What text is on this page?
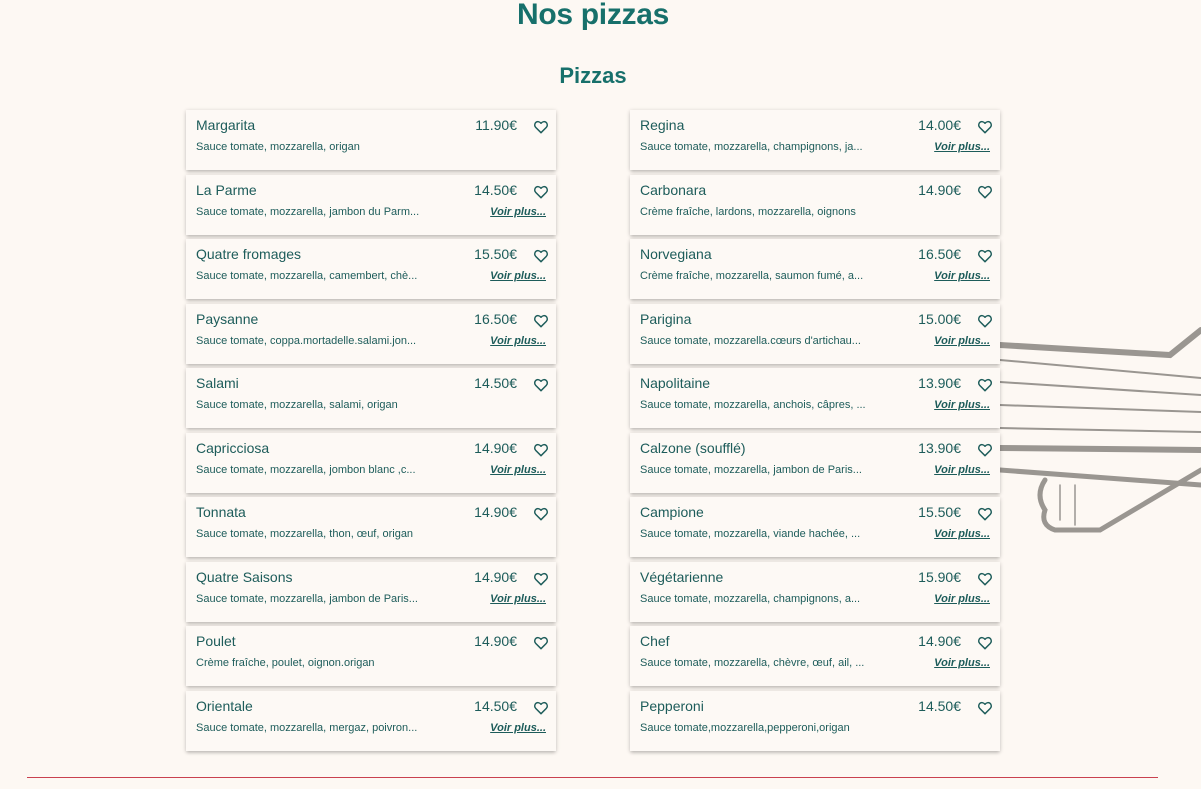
Nos pizzas
Pizzas
Margarita	11.90€
Sauce tomate, mozzarella, origan
La Parme	14.50€
Sauce tomate, mozzarella, jambon du Parm...	Voir plus...
Quatre fromages	15.50€
Sauce tomate, mozzarella, camembert, chè...	Voir plus...
Paysanne	16.50€
Sauce tomate, coppa.mortadelle.salami.jon...	Voir plus...
Salami	14.50€
Sauce tomate, mozzarella, salami, origan
Capricciosa	14.90€
Sauce tomate, mozzarella, jombon blanc ,c...	Voir plus...
Tonnata	14.90€
Sauce tomate, mozzarella, thon, œuf, origan
Quatre Saisons	14.90€
Sauce tomate, mozzarella, jambon de Paris...	Voir plus...
Poulet	14.90€
Crème fraîche, poulet, oignon.origan
Orientale	14.50€
Sauce tomate, mozzarella, mergaz, poivron...	Voir plus...
Regina	14.00€
Sauce tomate, mozzarella, champignons, ja...	Voir plus...
Carbonara	14.90€
Crème fraîche, lardons, mozzarella, oignons
Norvegiana	16.50€
Crème fraîche, mozzarella, saumon fumé, a...	Voir plus...
Parigina	15.00€
Sauce tomate, mozzarella.cœurs d'artichau...	Voir plus...
Napolitaine	13.90€
Sauce tomate, mozzarella, anchois, câpres, ...	Voir plus...
Calzone (soufflé)	13.90€
Sauce tomate, mozzarella, jambon de Paris...	Voir plus...
Campione	15.50€
Sauce tomate, mozzarella, viande hachée, ...	Voir plus...
Végétarienne	15.90€
Sauce tomate, mozzarella, champignons, a...	Voir plus...
Chef	14.90€
Sauce tomate, mozzarella, chèvre, œuf, ail, ...	Voir plus...
Pepperoni	14.50€
Sauce tomate,mozzarella,pepperoni,origan
